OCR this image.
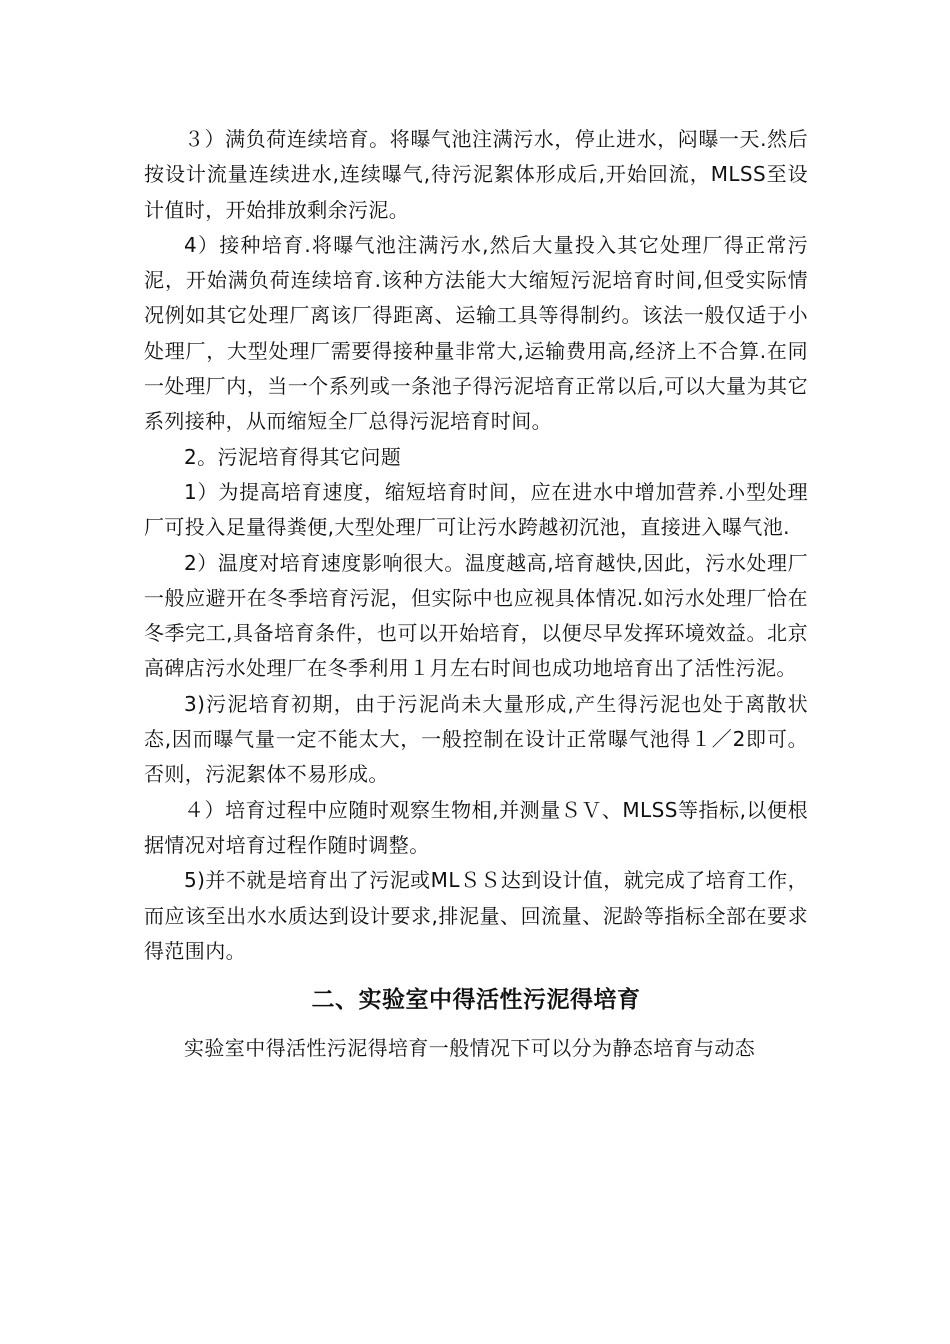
３）满负荷连续培育。将曝气池注满污水，停止进水，闷曝一天.然后按设计流量连续进水,连续曝气,待污泥絮体形成后,开始回流，MLSS至设计值时，开始排放剩余污泥。

4）接种培育.将曝气池注满污水,然后大量投入其它处理厂得正常污泥，开始满负荷连续培育.该种方法能大大缩短污泥培育时间,但受实际情况例如其它处理厂离该厂得距离、运输工具等得制约。该法一般仅适于小处理厂，大型处理厂需要得接种量非常大,运输费用高,经济上不合算.在同一处理厂内，当一个系列或一条池子得污泥培育正常以后,可以大量为其它系列接种，从而缩短全厂总得污泥培育时间。

2。污泥培育得其它问题

1）为提高培育速度，缩短培育时间，应在进水中增加营养.小型处理厂可投入足量得粪便,大型处理厂可让污水跨越初沉池，直接进入曝气池.

2）温度对培育速度影响很大。温度越高,培育越快,因此，污水处理厂一般应避开在冬季培育污泥，但实际中也应视具体情况.如污水处理厂恰在冬季完工,具备培育条件，也可以开始培育，以便尽早发挥环境效益。北京高碑店污水处理厂在冬季利用１月左右时间也成功地培育出了活性污泥。

3)污泥培育初期，由于污泥尚未大量形成,产生得污泥也处于离散状态,因而曝气量一定不能太大，一般控制在设计正常曝气池得１／2即可。否则，污泥絮体不易形成。

４）培育过程中应随时观察生物相,并测量ＳＶ、MLSS等指标,以便根据情况对培育过程作随时调整。

5)并不就是培育出了污泥或MLＳＳ达到设计值，就完成了培育工作，而应该至出水水质达到设计要求,排泥量、回流量、泥龄等指标全部在要求得范围内。

二、实验室中得活性污泥得培育

实验室中得活性污泥得培育一般情况下可以分为静态培育与动态
